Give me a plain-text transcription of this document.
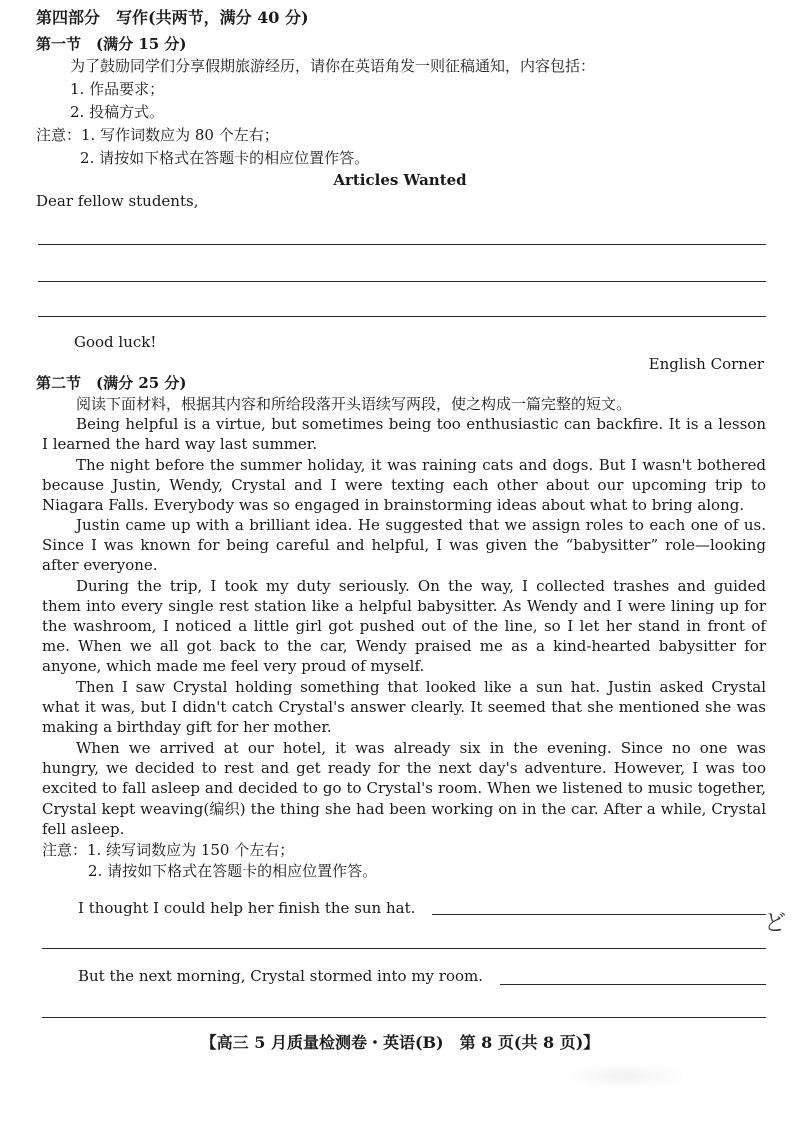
第四部分　写作(共两节，满分 40 分)
第一节　(满分 15 分)
为了鼓励同学们分享假期旅游经历，请你在英语角发一则征稿通知，内容包括：
1. 作品要求；
2. 投稿方式。
注意：1. 写作词数应为 80 个左右；
2. 请按如下格式在答题卡的相应位置作答。
Articles Wanted
Dear fellow students,
Good luck!
English Corner
第二节　(满分 25 分)
阅读下面材料，根据其内容和所给段落开头语续写两段，使之构成一篇完整的短文。
Being helpful is a virtue, but sometimes being too enthusiastic can backfire. It is a lesson
I learned the hard way last summer.
The night before the summer holiday, it was raining cats and dogs. But I wasn't bothered
because Justin, Wendy, Crystal and I were texting each other about our upcoming trip to
Niagara Falls. Everybody was so engaged in brainstorming ideas about what to bring along.
Justin came up with a brilliant idea. He suggested that we assign roles to each one of us.
Since I was known for being careful and helpful, I was given the “babysitter” role—looking
after everyone.
During the trip, I took my duty seriously. On the way, I collected trashes and guided
them into every single rest station like a helpful babysitter. As Wendy and I were lining up for
the washroom, I noticed a little girl got pushed out of the line, so I let her stand in front of
me. When we all got back to the car, Wendy praised me as a kind-hearted babysitter for
anyone, which made me feel very proud of myself.
Then I saw Crystal holding something that looked like a sun hat. Justin asked Crystal
what it was, but I didn't catch Crystal's answer clearly. It seemed that she mentioned she was
making a birthday gift for her mother.
When we arrived at our hotel, it was already six in the evening. Since no one was
hungry, we decided to rest and get ready for the next day's adventure. However, I was too
excited to fall asleep and decided to go to Crystal's room. When we listened to music together,
Crystal kept weaving(编织) the thing she had been working on in the car. After a while, Crystal
fell asleep.
注意：1. 续写词数应为 150 个左右；
2. 请按如下格式在答题卡的相应位置作答。
I thought I could help her finish the sun hat.
ど
But the next morning, Crystal stormed into my room.
【高三 5 月质量检测卷・英语(B)　第 8 页(共 8 页)】
